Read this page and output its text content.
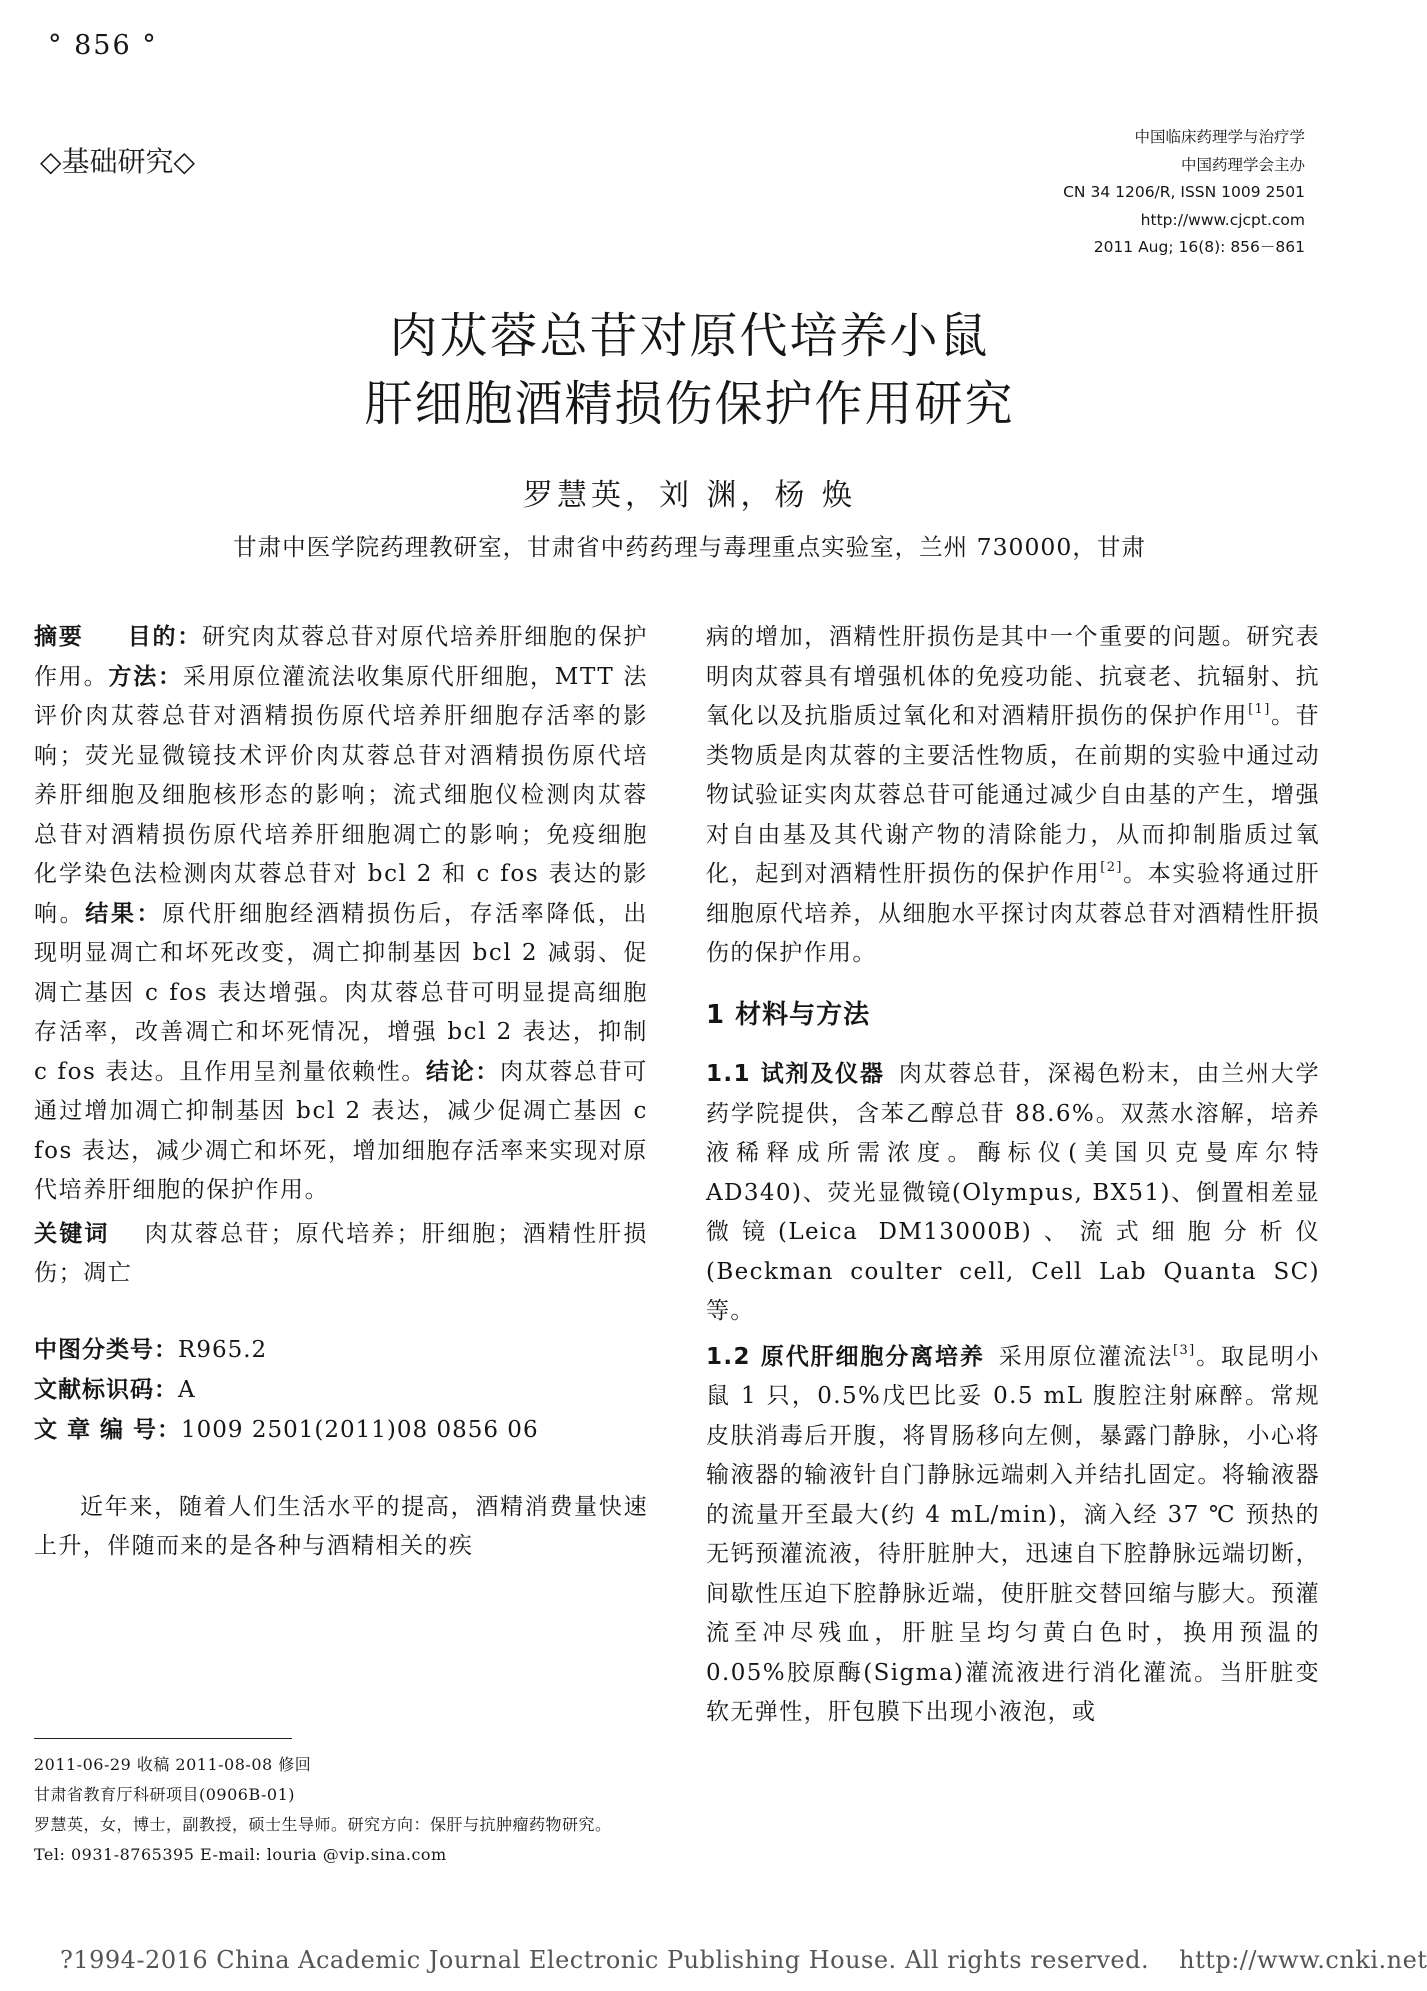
° 856 °
◇基础研究◇
中国临床药理学与治疗学
中国药理学会主办
CN 34 1206/R, ISSN 1009 2501
http://www.cjcpt.com
2011 Aug; 16(8): 856－861
肉苁蓉总苷对原代培养小鼠
肝细胞酒精损伤保护作用研究
罗慧英，刘 渊，杨 焕
甘肃中医学院药理教研室，甘肃省中药药理与毒理重点实验室，兰州 730000，甘肃

摘要 目的：研究肉苁蓉总苷对原代培养肝细胞的保护作用。方法：采用原位灌流法收集原代肝细胞，MTT 法评价肉苁蓉总苷对酒精损伤原代培养肝细胞存活率的影响；荧光显微镜技术评价肉苁蓉总苷对酒精损伤原代培养肝细胞及细胞核形态的影响；流式细胞仪检测肉苁蓉总苷对酒精损伤原代培养肝细胞凋亡的影响；免疫细胞化学染色法检测肉苁蓉总苷对 bcl 2 和 c fos 表达的影响。结果：原代肝细胞经酒精损伤后，存活率降低，出现明显凋亡和坏死改变，凋亡抑制基因 bcl 2 减弱、促凋亡基因 c fos 表达增强。肉苁蓉总苷可明显提高细胞存活率，改善凋亡和坏死情况，增强 bcl 2 表达，抑制 c fos 表达。且作用呈剂量依赖性。结论：肉苁蓉总苷可通过增加凋亡抑制基因 bcl 2 表达，减少促凋亡基因 c fos 表达，减少凋亡和坏死，增加细胞存活率来实现对原代培养肝细胞的保护作用。

关键词 肉苁蓉总苷；原代培养；肝细胞；酒精性肝损伤；凋亡

中图分类号：R965.2
文献标识码：A
文 章 编 号：1009 2501(2011)08 0856 06

近年来，随着人们生活水平的提高，酒精消费量快速上升，伴随而来的是各种与酒精相关的疾

病的增加，酒精性肝损伤是其中一个重要的问题。研究表明肉苁蓉具有增强机体的免疫功能、抗衰老、抗辐射、抗氧化以及抗脂质过氧化和对酒精肝损伤的保护作用[1]。苷类物质是肉苁蓉的主要活性物质，在前期的实验中通过动物试验证实肉苁蓉总苷可能通过减少自由基的产生，增强对自由基及其代谢产物的清除能力，从而抑制脂质过氧化，起到对酒精性肝损伤的保护作用[2]。本实验将通过肝细胞原代培养，从细胞水平探讨肉苁蓉总苷对酒精性肝损伤的保护作用。

1 材料与方法

1.1 试剂及仪器 肉苁蓉总苷，深褐色粉末，由兰州大学药学院提供，含苯乙醇总苷 88.6%。双蒸水溶解，培养液稀释成所需浓度。酶标仪(美国贝克曼库尔特 AD340)、荧光显微镜(Olympus, BX51)、倒置相差显微镜(Leica DM13000B)、流式细胞分析仪(Beckman coulter cell, Cell Lab Quanta SC)等。

1.2 原代肝细胞分离培养 采用原位灌流法[3]。取昆明小鼠 1 只，0.5%戊巴比妥 0.5 mL 腹腔注射麻醉。常规皮肤消毒后开腹，将胃肠移向左侧，暴露门静脉，小心将输液器的输液针自门静脉远端刺入并结扎固定。将输液器的流量开至最大(约 4 mL/min)，滴入经 37 ℃ 预热的无钙预灌流液，待肝脏肿大，迅速自下腔静脉远端切断，间歇性压迫下腔静脉近端，使肝脏交替回缩与膨大。预灌流至冲尽残血，肝脏呈均匀黄白色时，换用预温的 0.05%胶原酶(Sigma)灌流液进行消化灌流。当肝脏变软无弹性，肝包膜下出现小液泡，或

2011-06-29 收稿 2011-08-08 修回
甘肃省教育厅科研项目(0906B-01)
罗慧英，女，博士，副教授，硕士生导师。研究方向：保肝与抗肿瘤药物研究。
Tel: 0931-8765395 E-mail: louria @vip.sina.com
?1994-2016 China Academic Journal Electronic Publishing House. All rights reserved. http://www.cnki.net
